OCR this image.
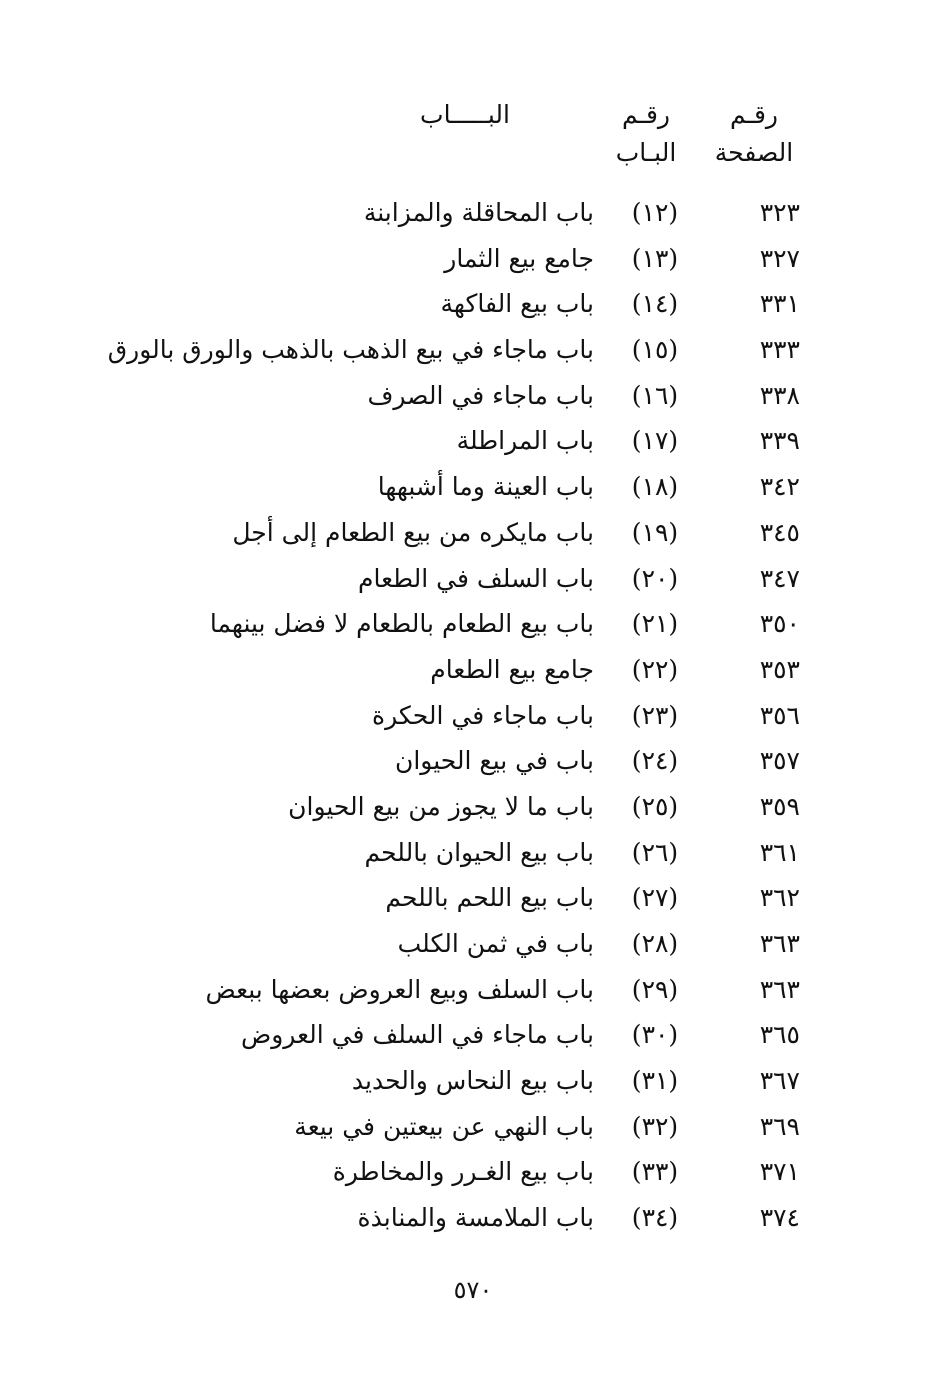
رقـم
الصفحة
رقـم
البـاب
البـــــاب
٣٢٣
(١٢)
باب المحاقلة والمزابنة
٣٢٧
(١٣)
جامع بيع الثمار
٣٣١
(١٤)
باب بيع الفاكهة
٣٣٣
(١٥)
باب ماجاء في بيع الذهب بالذهب والورق بالورق
٣٣٨
(١٦)
باب ماجاء في الصرف
٣٣٩
(١٧)
باب المراطلة
٣٤٢
(١٨)
باب العينة وما أشبهها
٣٤٥
(١٩)
باب مايكره من بيع الطعام إلى أجل
٣٤٧
(٢٠)
باب السلف في الطعام
٣٥٠
(٢١)
باب بيع الطعام بالطعام لا فضل بينهما
٣٥٣
(٢٢)
جامع بيع الطعام
٣٥٦
(٢٣)
باب ماجاء في الحكرة
٣٥٧
(٢٤)
باب في بيع الحيوان
٣٥٩
(٢٥)
باب ما لا يجوز من بيع الحيوان
٣٦١
(٢٦)
باب بيع الحيوان باللحم
٣٦٢
(٢٧)
باب بيع اللحم باللحم
٣٦٣
(٢٨)
باب في ثمن الكلب
٣٦٣
(٢٩)
باب السلف وبيع العروض بعضها ببعض
٣٦٥
(٣٠)
باب ماجاء في السلف في العروض
٣٦٧
(٣١)
باب بيع النحاس والحديد
٣٦٩
(٣٢)
باب النهي عن بيعتين في بيعة
٣٧١
(٣٣)
باب بيع الغـرر والمخاطرة
٣٧٤
(٣٤)
باب الملامسة والمنابذة
٥٧٠
